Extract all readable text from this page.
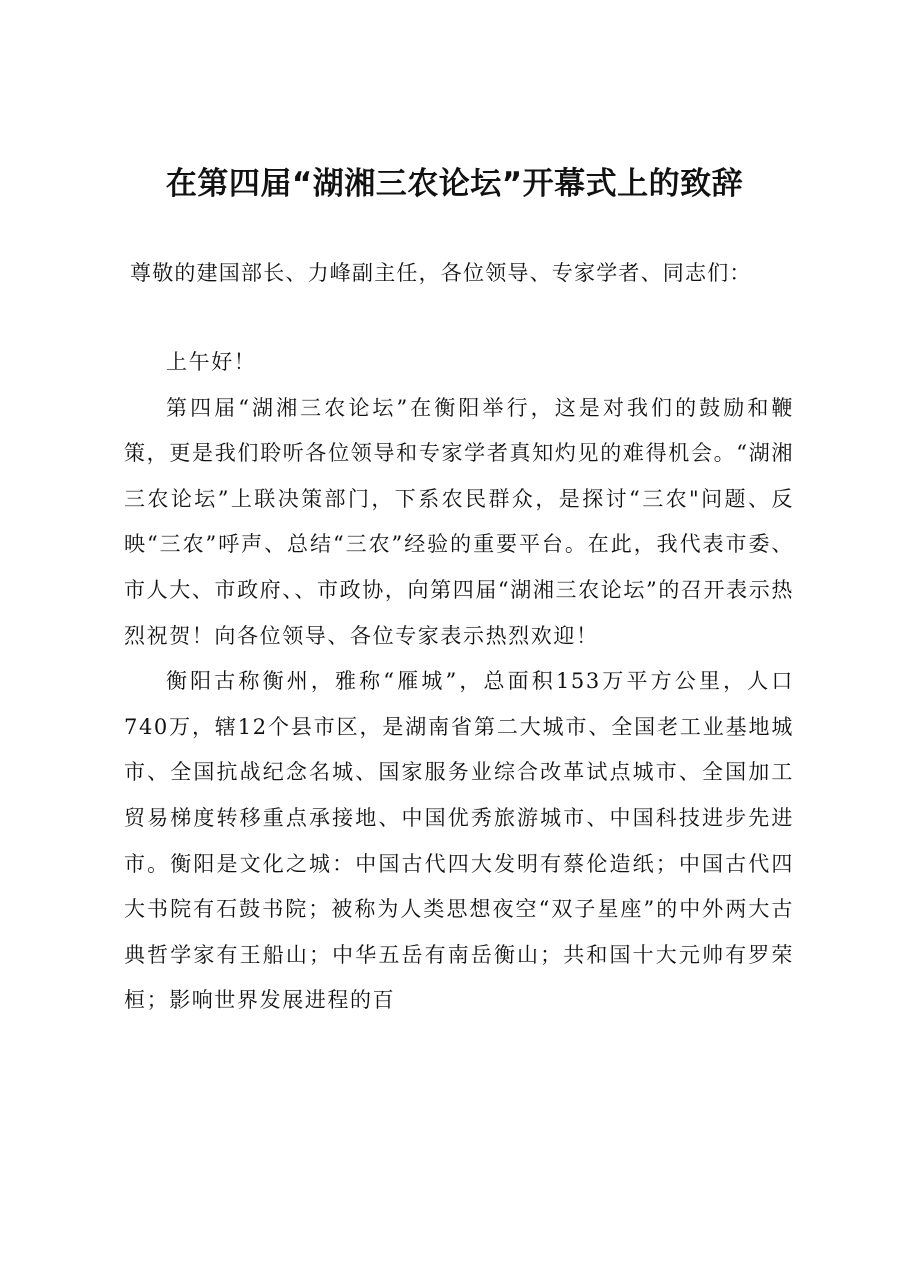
在第四届“湖湘三农论坛”开幕式上的致辞

尊敬的建国部长、力峰副主任，各位领导、专家学者、同志们：

上午好！

第四届“湖湘三农论坛”在衡阳举行，这是对我们的鼓励和鞭策，更是我们聆听各位领导和专家学者真知灼见的难得机会。“湖湘三农论坛”上联决策部门，下系农民群众，是探讨“三农"问题、反映“三农”呼声、总结“三农”经验的重要平台。在此，我代表市委、市人大、市政府、、市政协，向第四届“湖湘三农论坛”的召开表示热烈祝贺！向各位领导、各位专家表示热烈欢迎！

衡阳古称衡州，雅称“雁城”，总面积153万平方公里，人口740万，辖12个县市区，是湖南省第二大城市、全国老工业基地城市、全国抗战纪念名城、国家服务业综合改革试点城市、全国加工贸易梯度转移重点承接地、中国优秀旅游城市、中国科技进步先进市。衡阳是文化之城：中国古代四大发明有蔡伦造纸；中国古代四大书院有石鼓书院；被称为人类思想夜空“双子星座”的中外两大古典哲学家有王船山；中华五岳有南岳衡山；共和国十大元帅有罗荣桓；影响世界发展进程的百
